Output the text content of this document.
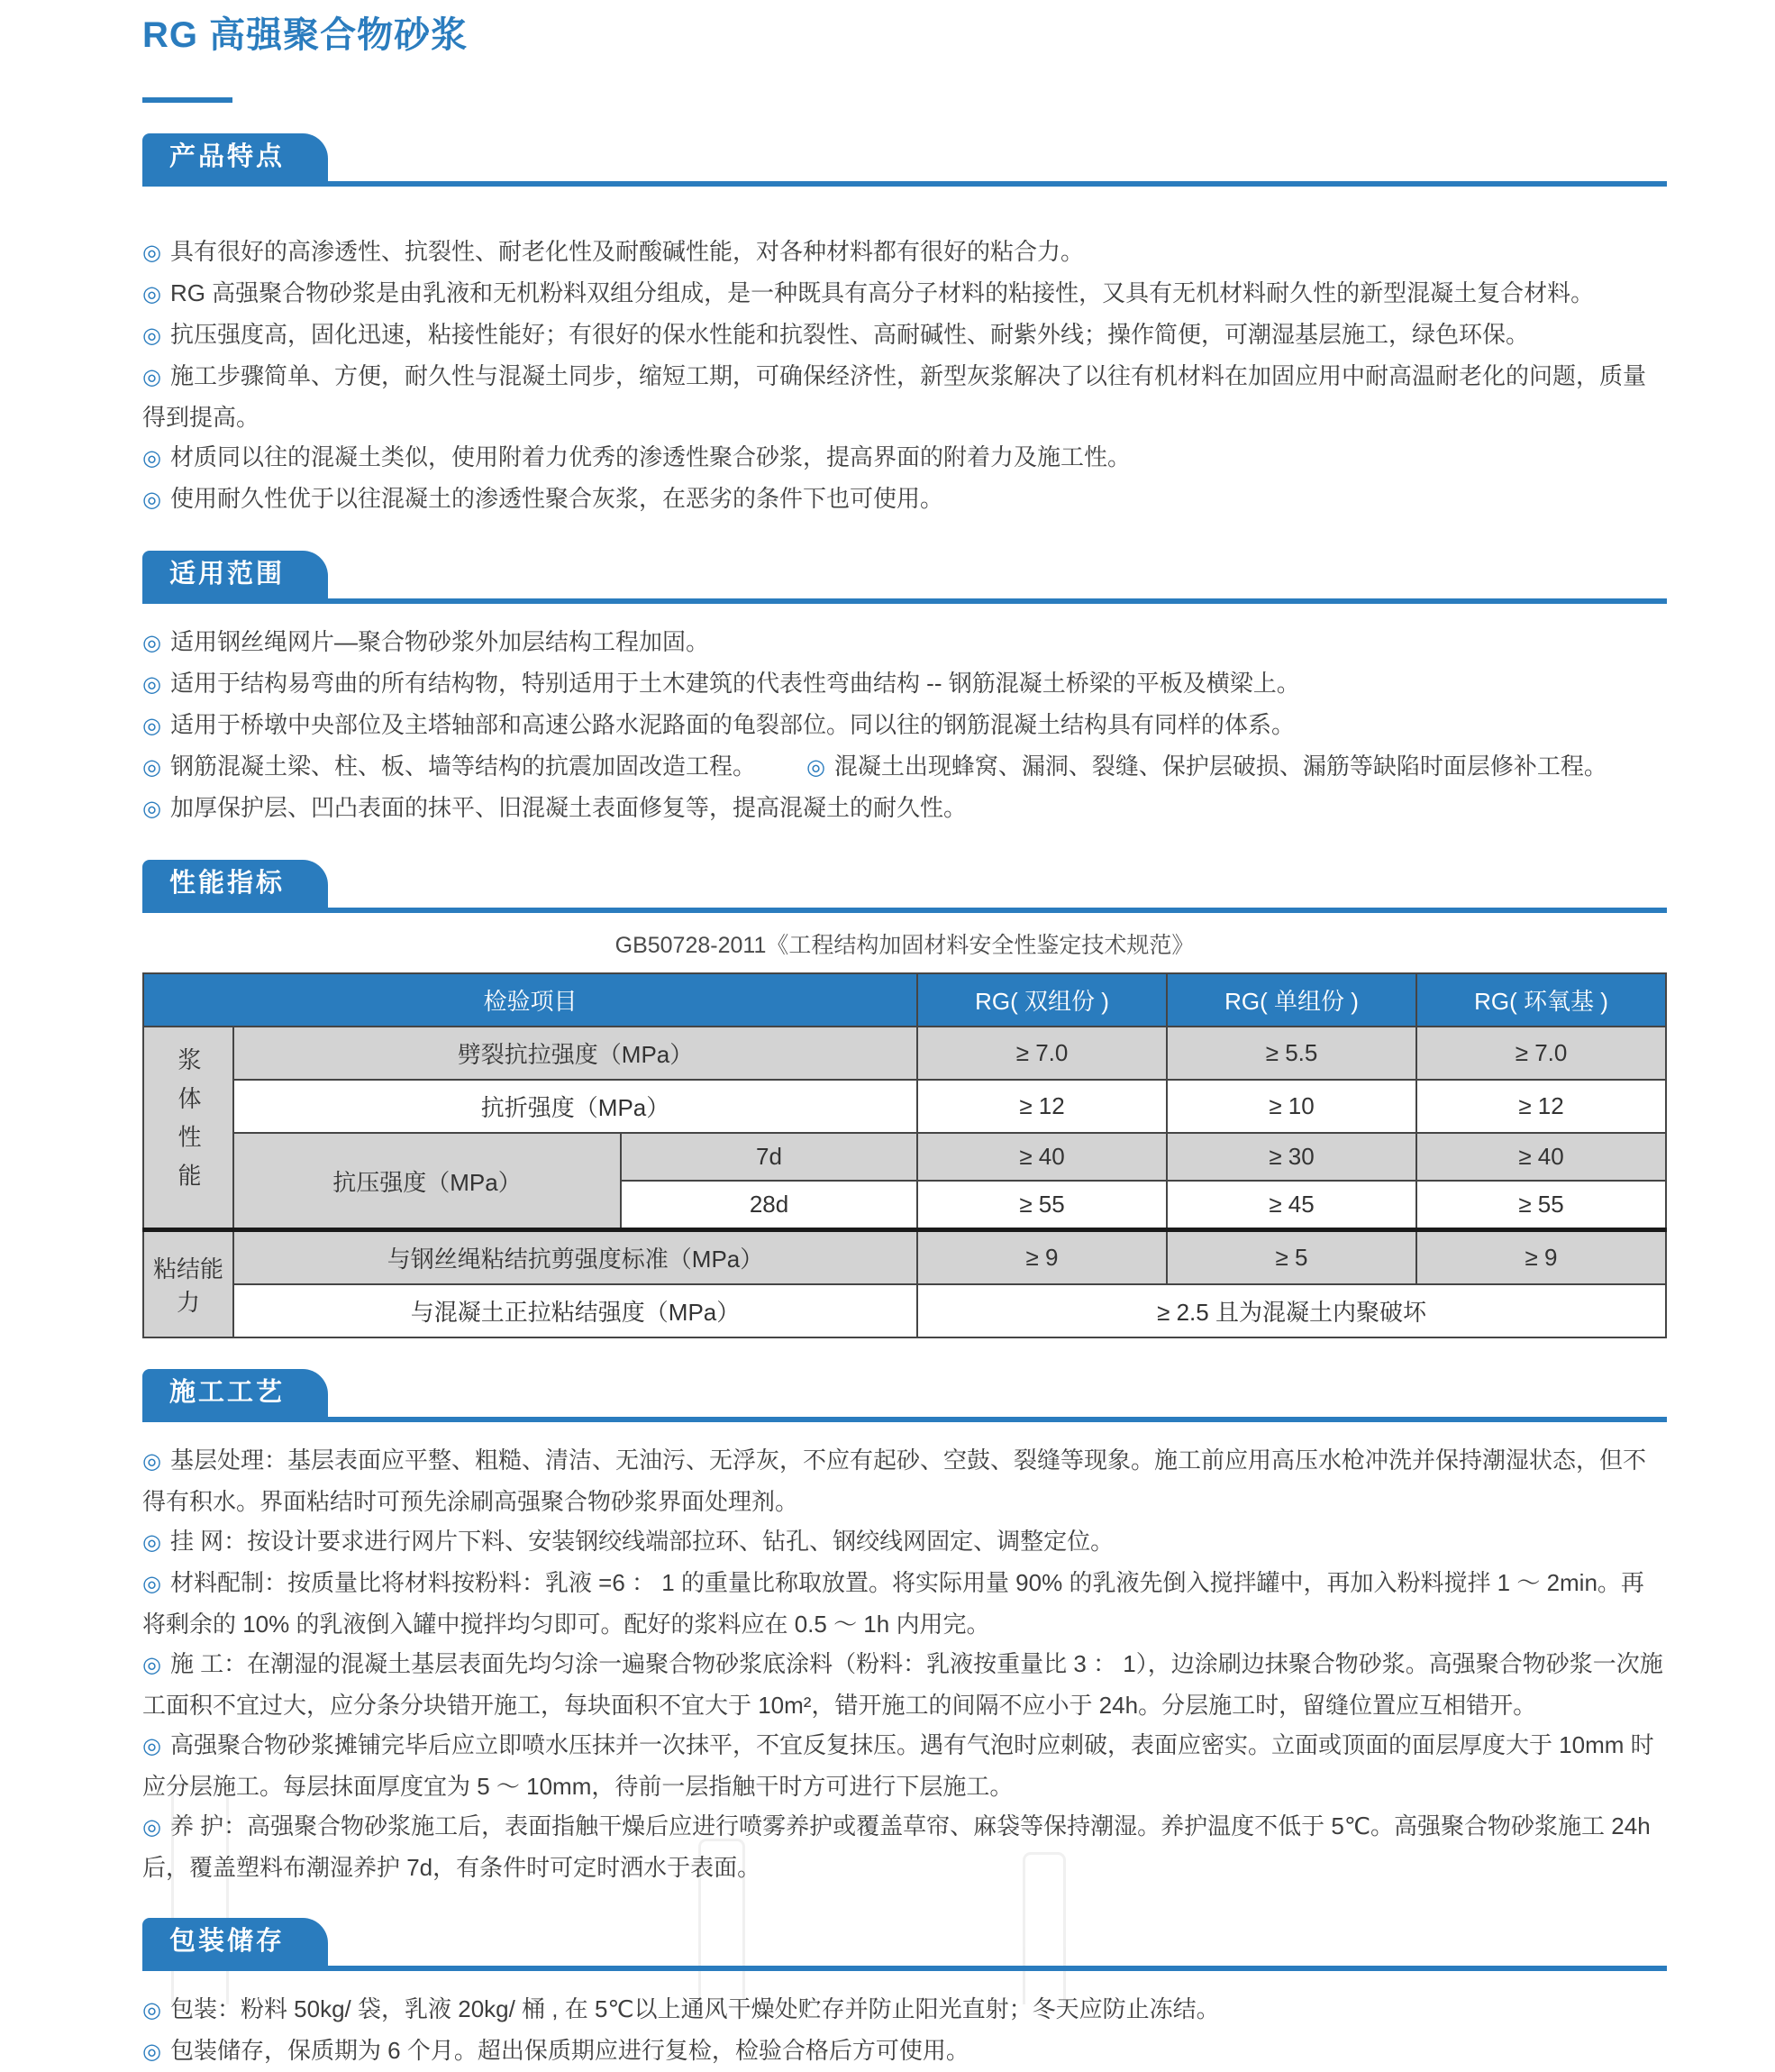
RG 高强聚合物砂浆
产品特点

◎ 具有很好的高渗透性、抗裂性、耐老化性及耐酸碱性能，对各种材料都有很好的粘合力。

◎ RG 高强聚合物砂浆是由乳液和无机粉料双组分组成，是一种既具有高分子材料的粘接性，又具有无机材料耐久性的新型混凝土复合材料。

◎ 抗压强度高，固化迅速，粘接性能好；有很好的保水性能和抗裂性、高耐碱性、耐紫外线；操作简便，可潮湿基层施工，绿色环保。

◎ 施工步骤简单、方便，耐久性与混凝土同步，缩短工期，可确保经济性，新型灰浆解决了以往有机材料在加固应用中耐高温耐老化的问题，质量得到提高。

◎ 材质同以往的混凝土类似，使用附着力优秀的渗透性聚合砂浆，提高界面的附着力及施工性。

◎ 使用耐久性优于以往混凝土的渗透性聚合灰浆，在恶劣的条件下也可使用。

适用范围

◎ 适用钢丝绳网片—聚合物砂浆外加层结构工程加固。

◎ 适用于结构易弯曲的所有结构物，特别适用于土木建筑的代表性弯曲结构 -- 钢筋混凝土桥梁的平板及横梁上。

◎ 适用于桥墩中央部位及主塔轴部和高速公路水泥路面的龟裂部位。同以往的钢筋混凝土结构具有同样的体系。

◎ 钢筋混凝土梁、柱、板、墙等结构的抗震加固改造工程。 ◎ 混凝土出现蜂窝、漏洞、裂缝、保护层破损、漏筋等缺陷时面层修补工程。

◎ 加厚保护层、凹凸表面的抹平、旧混凝土表面修复等，提高混凝土的耐久性。

性能指标

GB50728-2011《工程结构加固材料安全性鉴定技术规范》

检验项目			RG( 双组份 )	RG( 单组份 )	RG( 环氧基 )
浆体性能	劈裂抗拉强度（MPa）		≥ 7.0	≥ 5.5	≥ 7.0
	抗折强度（MPa）		≥ 12	≥ 10	≥ 12
	抗压强度（MPa）	7d	≥ 40	≥ 30	≥ 40
		28d	≥ 55	≥ 45	≥ 55
粘结能力	与钢丝绳粘结抗剪强度标准（MPa）		≥ 9	≥ 5	≥ 9
	与混凝土正拉粘结强度（MPa）		≥ 2.5 且为混凝土内聚破坏		
施工工艺

◎ 基层处理：基层表面应平整、粗糙、清洁、无油污、无浮灰，不应有起砂、空鼓、裂缝等现象。施工前应用高压水枪冲洗并保持潮湿状态，但不得有积水。界面粘结时可预先涂刷高强聚合物砂浆界面处理剂。

◎ 挂 网：按设计要求进行网片下料、安装钢绞线端部拉环、钻孔、钢绞线网固定、调整定位。

◎ 材料配制：按质量比将材料按粉料：乳液 =6 ： 1 的重量比称取放置。将实际用量 90% 的乳液先倒入搅拌罐中，再加入粉料搅拌 1 ～ 2min。再将剩余的 10% 的乳液倒入罐中搅拌均匀即可。配好的浆料应在 0.5 ～ 1h 内用完。

◎ 施 工：在潮湿的混凝土基层表面先均匀涂一遍聚合物砂浆底涂料（粉料：乳液按重量比 3 ： 1），边涂刷边抹聚合物砂浆。高强聚合物砂浆一次施工面积不宜过大，应分条分块错开施工，每块面积不宜大于 10m²，错开施工的间隔不应小于 24h。分层施工时，留缝位置应互相错开。

◎ 高强聚合物砂浆摊铺完毕后应立即喷水压抹并一次抹平，不宜反复抹压。遇有气泡时应刺破，表面应密实。立面或顶面的面层厚度大于 10mm 时应分层施工。每层抹面厚度宜为 5 ～ 10mm，待前一层指触干时方可进行下层施工。

◎ 养 护：高强聚合物砂浆施工后，表面指触干燥后应进行喷雾养护或覆盖草帘、麻袋等保持潮湿。养护温度不低于 5℃。高强聚合物砂浆施工 24h 后，覆盖塑料布潮湿养护 7d，有条件时可定时洒水于表面。

包装储存

◎ 包装：粉料 50kg/ 袋，乳液 20kg/ 桶 , 在 5℃以上通风干燥处贮存并防止阳光直射；冬天应防止冻结。

◎ 包装储存，保质期为 6 个月。超出保质期应进行复检，检验合格后方可使用。
